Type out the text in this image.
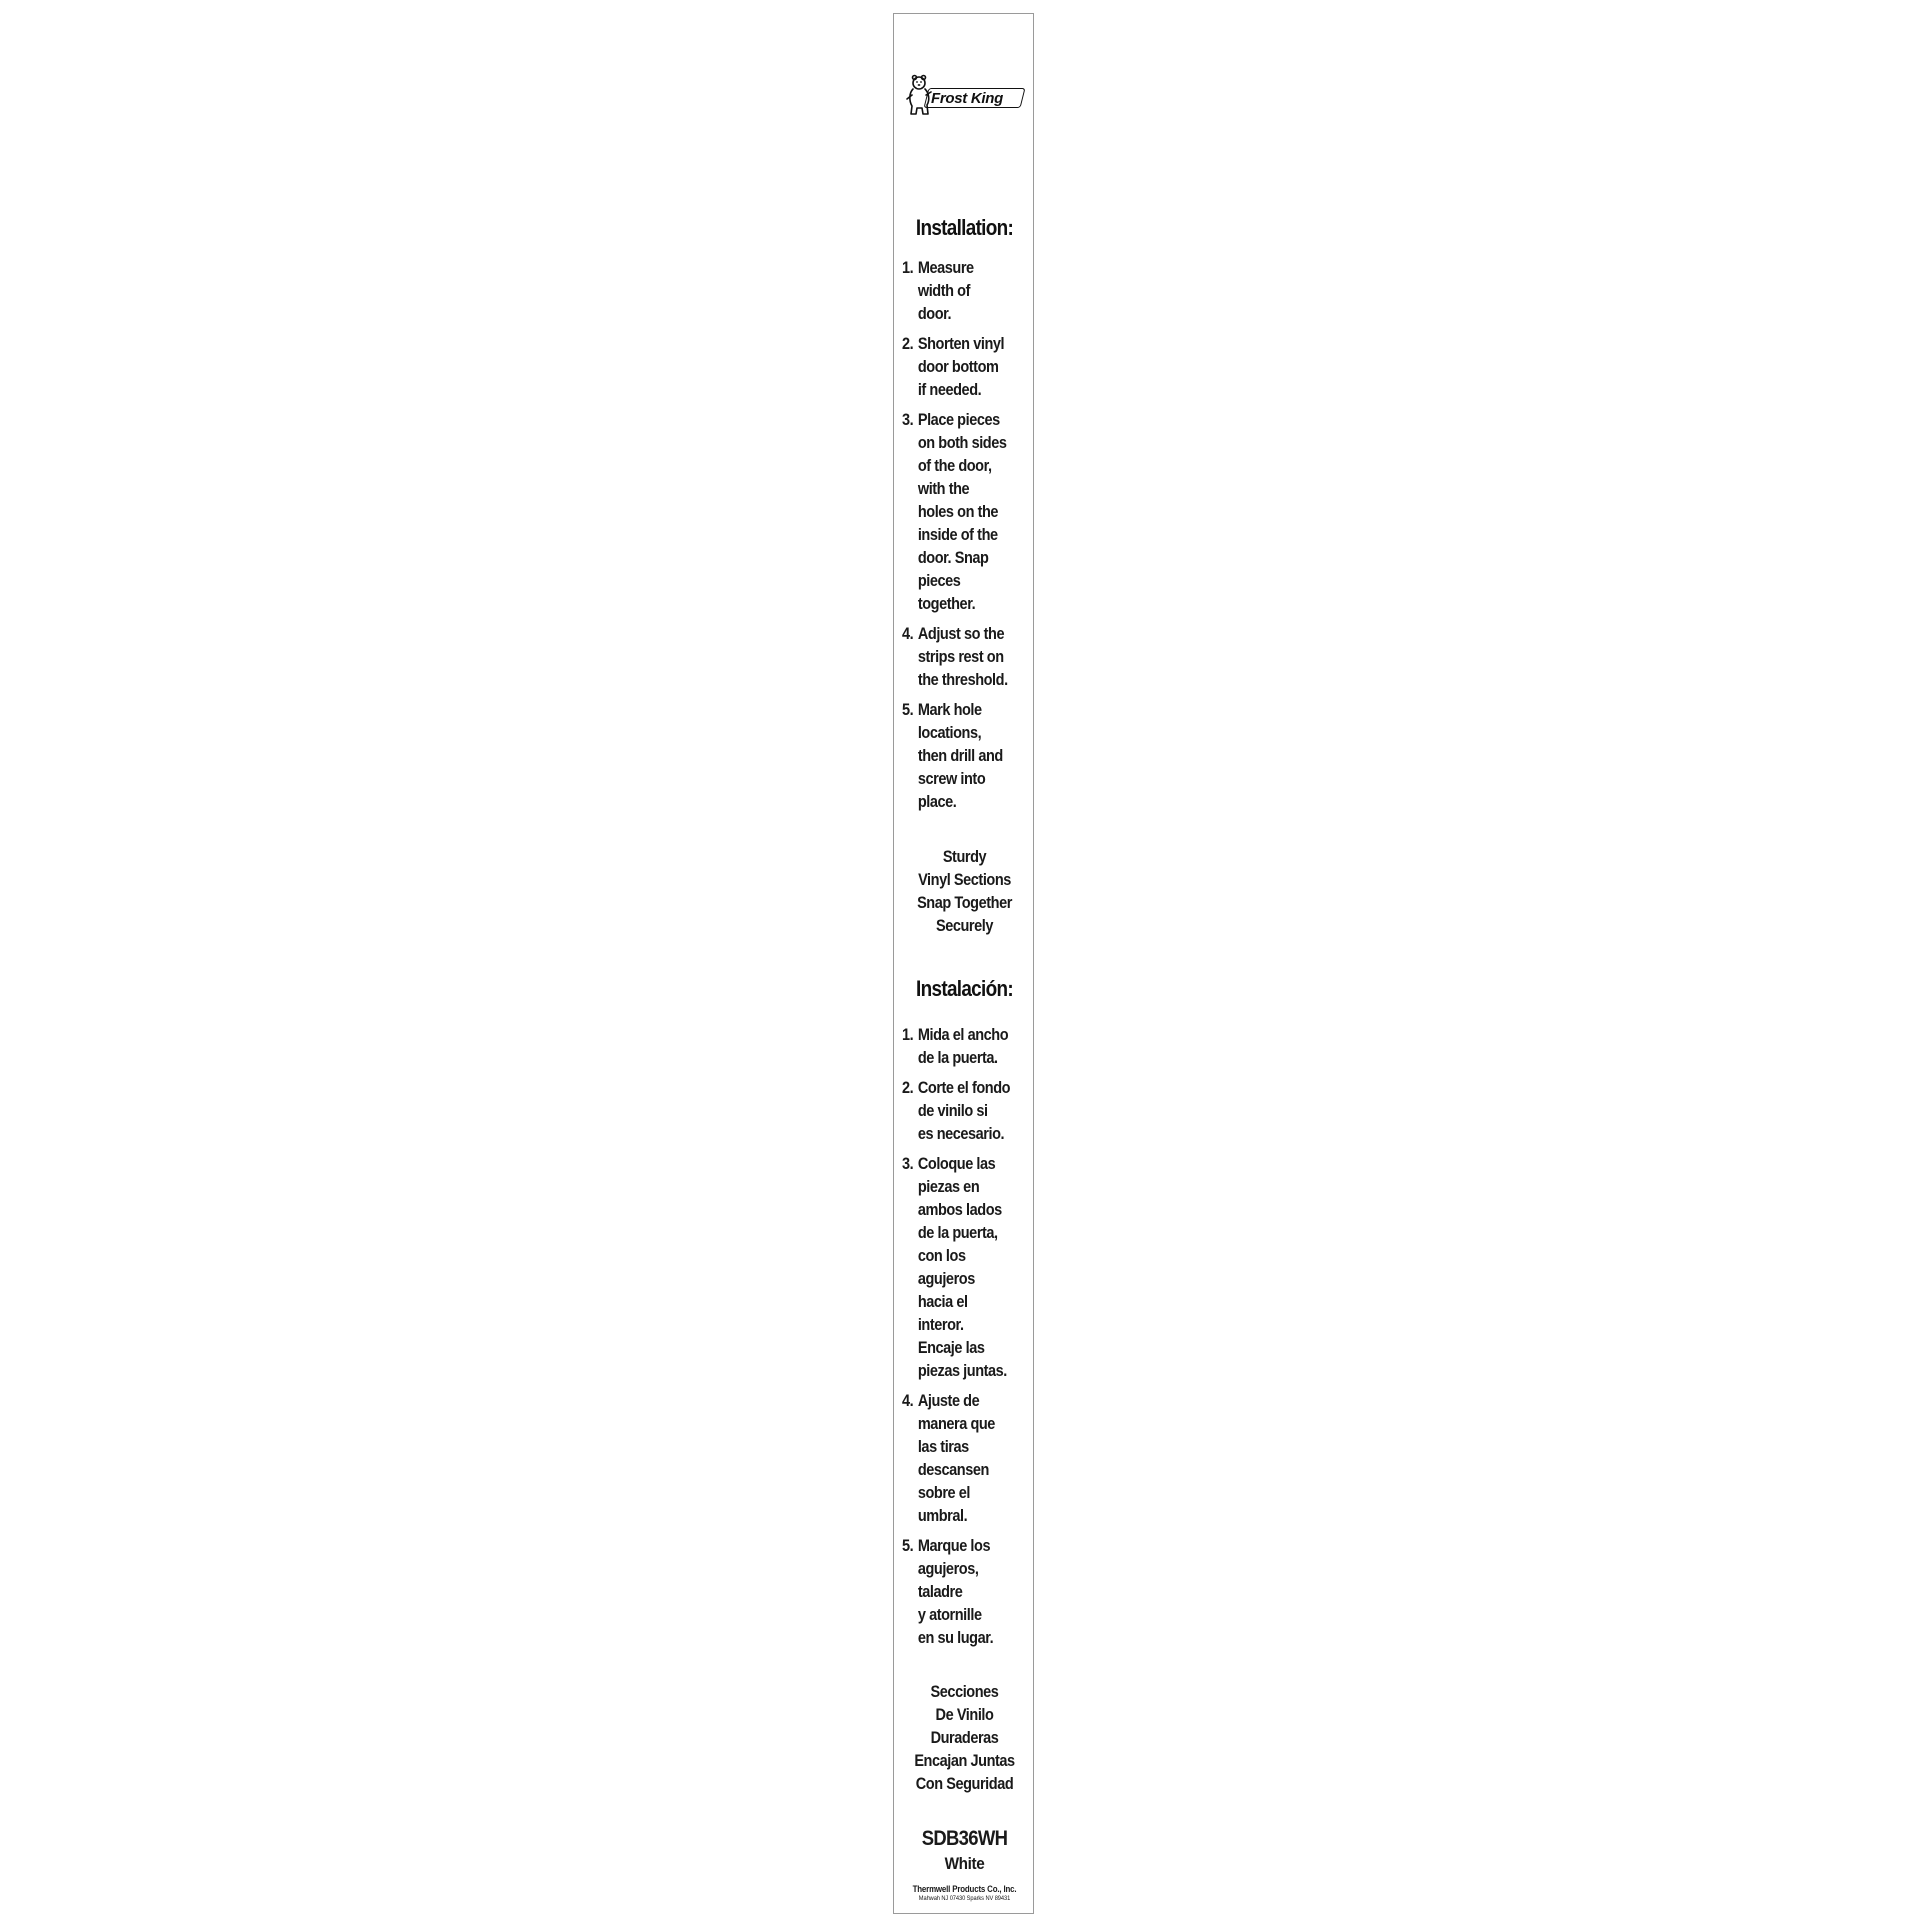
Frost King
Installation:
1. Measure
width of
door.
2. Shorten vinyl
door bottom
if needed.
3. Place pieces
on both sides
of the door,
with the
holes on the
inside of the
door. Snap
pieces
together.
4. Adjust so the
strips rest on
the threshold.
5. Mark hole
locations,
then drill and
screw into
place.
Sturdy
Vinyl Sections
Snap Together
Securely
Instalación:
1. Mida el ancho
de la puerta.
2. Corte el fondo
de vinilo si
es necesario.
3. Coloque las
piezas en
ambos lados
de la puerta,
con los
agujeros
hacia el
interor.
Encaje las
piezas juntas.
4. Ajuste de
manera que
las tiras
descansen
sobre el
umbral.
5. Marque los
agujeros,
taladre
y atornille
en su lugar.
Secciones
De Vinilo
Duraderas
Encajan Juntas
Con Seguridad
SDB36WH
White
Thermwell Products Co., Inc.
Mahwah NJ 07430 Sparks NV 89431
